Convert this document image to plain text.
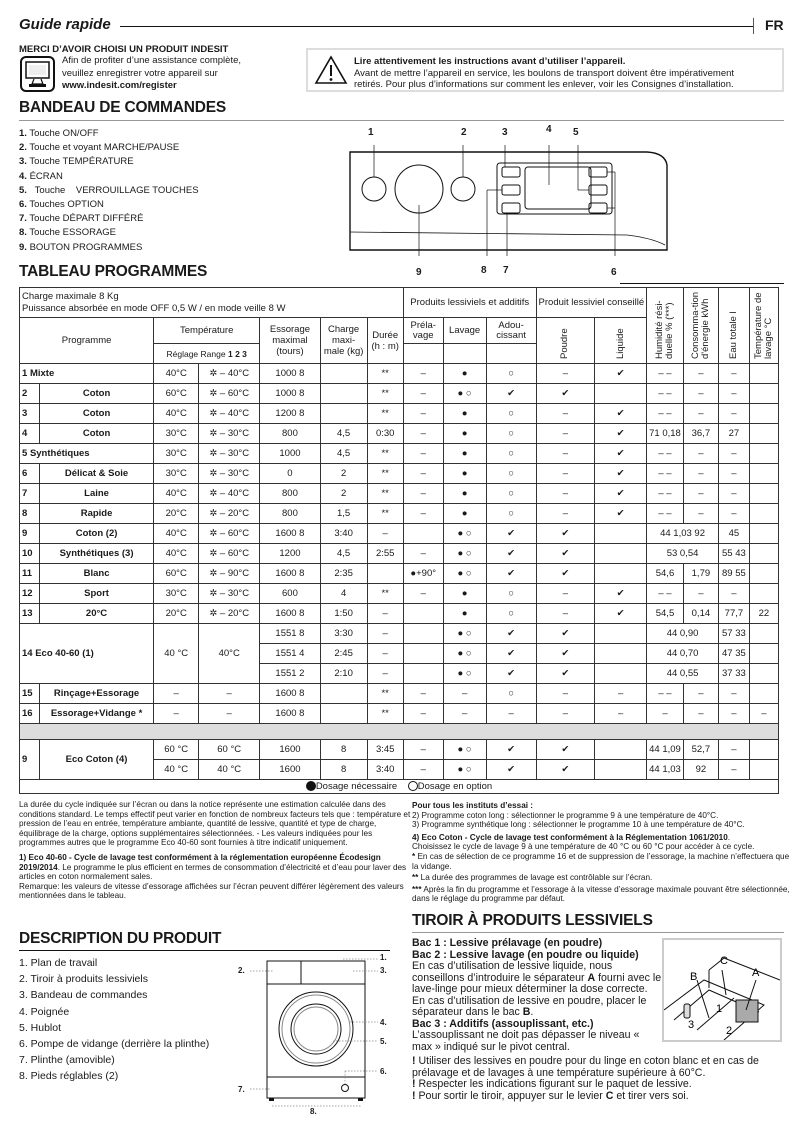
Guide rapide	FR
MERCI D’AVOIR CHOISI UN PRODUIT INDESIT
Afin de profiter d’une assistance complète,
veuillez enregistrer votre appareil sur
www.indesit.com/register
Lire attentivement les instructions avant d’utiliser l’appareil.
Avant de mettre l’appareil en service, les boulons de transport doivent être impérativement
retirés. Pour plus d’informations sur comment les enlever, voir les Consignes d’installation.
BANDEAU DE COMMANDES
1. Touche ON/OFF
2. Touche et voyant MARCHE/PAUSE
3. Touche TEMPÉRATURE
4. ÉCRAN
5.   Touche    VERROUILLAGE TOUCHES
6. Touches OPTION
7. Touche DÉPART DIFFÉRÉ
8. Touche ESSORAGE
9. BOUTON PROGRAMMES
1	2	3	4 5
6
7
8
9
TABLEAU PROGRAMMES
Charge maximale 8 Kg
Puissance absorbée en mode OFF 0,5 W / en mode veille 8 W							Produits lessiviels et additifs			Produit lessiviel conseillé		Humidité rési-duelle % (***)	Consomma-tion d'énergie kWh	Eau totale l	Température de lavage °C
Programme		Température		Essorage maximal (tours)	Charge maxi-male (kg)	Durée (h : m)	Préla-vage	Lavage	Adou-cissant	Poudre	Liquide				
		Réglage Range 1 2 3													
1 Mixte		40°C	✲ – 40°C	1000 8		**	–	●	○	–	✔	– –	–	–	
2	Coton	60°C	✲ – 60°C	1000 8		**	–	● ○	✔	✔		– –	–	–	
3	Coton	40°C	✲ – 40°C	1200 8		**	–	●	○	–	✔	– –	–	–	
4	Coton	30°C	✲ – 30°C	800	4,5	0:30	–	●	○	–	✔	71 0,18	36,7	27	
5 Synthétiques		30°C	✲ – 30°C	1000	4,5	**	–	●	○	–	✔	– –	–	–	
6	Délicat & Soie	30°C	✲ – 30°C	0	2	**	–	●	○	–	✔	– –	–	–	
7	Laine	40°C	✲ – 40°C	800	2	**	–	●	○	–	✔	– –	–	–	
8	Rapide	20°C	✲ – 20°C	800	1,5	**	–	●	○	–	✔	– –	–	–	
9	Coton (2)	40°C	✲ – 60°C	1600 8	3:40	–		● ○	✔	✔		44 1,03 92		45	
10	Synthétiques (3)	40°C	✲ – 60°C	1200	4,5	2:55	–	● ○	✔	✔		53 0,54		55 43	
11	Blanc	60°C	✲ – 90°C	1600 8	2:35		●+90°	● ○	✔	✔		54,6	1,79	89 55	
12	Sport	30°C	✲ – 30°C	600	4	**	–	●	○	–	✔	– –	–	–	
13	20°C	20°C	✲ – 20°C	1600 8	1:50	–		●	○	–	✔	54,5	0,14	77,7	22
14 Eco 40-60 (1)		40 °C	40°C	1551 8	3:30	–		● ○	✔	✔		44 0,90		57 33	
				1551 4	2:45	–		● ○	✔	✔		44 0,70		47 35	
				1551 2	2:10	–		● ○	✔	✔		44 0,55		37 33	
15	Rinçage+Essorage	–	–	1600 8		**	–	–	○	–	–	– –	–	–	
16	Essorage+Vidange *	–	–	1600 8		**	–	–	–	–	–	–	–	–	–

9	Eco Coton (4)	60 °C	60 °C	1600	8	3:45	–	● ○	✔	✔		44 1,09	52,7	–	
		40 °C	40 °C	1600	8	3:40	–	● ○	✔	✔		44 1,03	92	–	
Dosage nécessaire Dosage en option															

La durée du cycle indiquée sur l’écran ou dans la notice représente une estimation calculée dans des conditions standard. Le temps effectif peut varier en fonction de nombreux facteurs tels que : température et pression de l’eau en entrée, température ambiante, quantité de lessive, quantité et type de charge, équilibrage de la charge, options supplémentaires sélectionnées. - Les valeurs indiquées pour les programmes autres que le programme Eco 40-60 sont fournies à titre indicatif uniquement.

1) Eco 40-60 - Cycle de lavage test conformément à la réglementation européenne Écodesign 2019/2014. Le programme le plus efficient en termes de consommation d’électricité et d’eau pour laver des articles en coton normalement sales.

Remarque: les valeurs de vitesse d’essorage affichées sur l’écran peuvent différer légèrement des valeurs mentionnées dans le tableau.

Pour tous les instituts d’essai :

2) Programme coton long : sélectionner le programme 9 à une température de 40°C.

3) Programme synthétique long : sélectionner le programme 10 à une température de 40°C.

4) Eco Coton - Cycle de lavage test conformément à la Réglementation 1061/2010.

Choisissez le cycle de lavage 9 à une température de 40 °C ou 60 °C pour accéder à ce cycle.

* En cas de sélection de ce programme 16 et de suppression de l’essorage, la machine n’effectuera que la vidange.

** La durée des programmes de lavage est contrôlable sur l’écran.

*** Après la fin du programme et l’essorage à la vitesse d’essorage maximale pouvant être sélectionnée, dans le réglage du programme par défaut.

DESCRIPTION DU PRODUIT
1. Plan de travail
2. Tiroir à produits lessiviels
3. Bandeau de commandes
4. Poignée
5. Hublot
6. Pompe de vidange (derrière la plinthe)
7. Plinthe (amovible)
8. Pieds réglables (2)
1.
2.	3.
4.
5.
6.
7.
8.
TIROIR À PRODUITS LESSIVIELS
B
C
A
1
2
3
Bac 1 : Lessive prélavage (en poudre)
Bac 2 : Lessive lavage (en poudre ou liquide)
En cas d’utilisation de lessive liquide, nous conseillons d’introduire le séparateur A fourni avec le lave-linge pour mieux déterminer la dose correcte.
En cas d’utilisation de lessive en poudre, placer le séparateur dans le bac B.
Bac 3 : Additifs (assouplissant, etc.)
L’assouplissant ne doit pas dépasser le niveau « max » indiqué sur le pivot central.
! Utiliser des lessives en poudre pour du linge en coton blanc et en cas de prélavage et de lavages à une température supérieure à 60°C.
! Respecter les indications figurant sur le paquet de lessive.
! Pour sortir le tiroir, appuyer sur le levier C et tirer vers soi.
